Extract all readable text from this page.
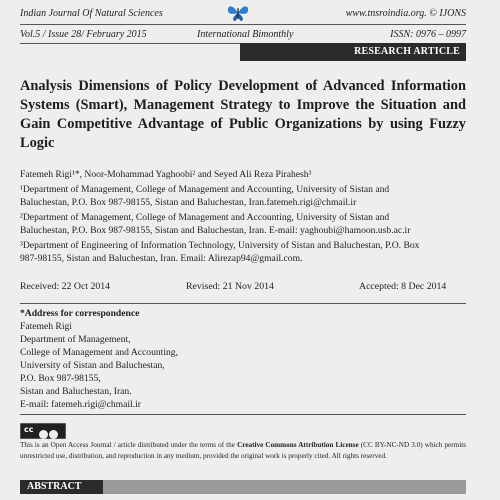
Indian Journal Of Natural Sciences	www.tnsroindia.org. © IJONS
Vol.5 / Issue 28/ February 2015	International Bimonthly	ISSN: 0976 – 0997
RESEARCH ARTICLE
Analysis Dimensions of Policy Development of Advanced Information Systems (Smart), Management Strategy to Improve the Situation and Gain Competitive Advantage of Public Organizations by using Fuzzy Logic
Fatemeh Rigi¹*, Noor-Mohammad Yaghoobi² and Seyed Ali Reza Pirahesh³
¹Department of Management, College of Management and Accounting, University of Sistan and
Baluchestan, P.O. Box 987-98155, Sistan and Baluchestan, Iran.fatemeh.rigi@chmail.ir
²Department of Management, College of Management and Accounting, University of Sistan and
Baluchestan, P.O. Box 987-98155, Sistan and Baluchestan, Iran. E-mail: yaghoubi@hamoon.usb.ac.ir
³Department of Engineering of Information Technology, University of Sistan and Baluchestan, P.O. Box
987-98155, Sistan and Baluchestan, Iran. Email: Alirezap94@gmail.com.
Received: 22 Oct 2014	Revised: 21 Nov 2014	Accepted: 8 Dec 2014
*Address for correspondence
Fatemeh Rigi
Department of Management,
College of Management and Accounting,
University of Sistan and Baluchestan,
P.O. Box 987-98155,
Sistan and Baluchestan, Iran.
E-mail: fatemeh.rigi@chmail.ir
cc
This is an Open Access Journal / article distributed under the terms of the Creative Commons Attribution License (CC BY-NC-ND 3.0) which permits unrestricted use, distribution, and reproduction in any medium, provided the original work is properly cited. All rights reserved.
ABSTRACT
